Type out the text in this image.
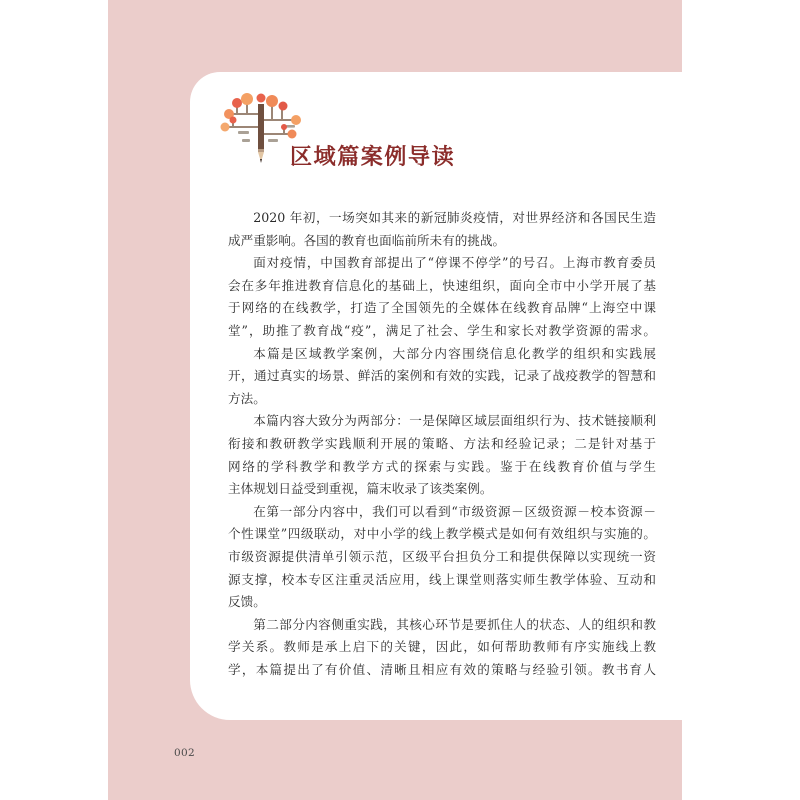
区域篇案例导读
2020 年初，一场突如其来的新冠肺炎疫情，对世界经济和各国民生造
成严重影响。各国的教育也面临前所未有的挑战。
面对疫情，中国教育部提出了“停课不停学”的号召。上海市教育委员
会在多年推进教育信息化的基础上，快速组织，面向全市中小学开展了基
于网络的在线教学，打造了全国领先的全媒体在线教育品牌“上海空中课
堂”，助推了教育战“疫”，满足了社会、学生和家长对教学资源的需求。
本篇是区域教学案例，大部分内容围绕信息化教学的组织和实践展
开，通过真实的场景、鲜活的案例和有效的实践，记录了战疫教学的智慧和
方法。
本篇内容大致分为两部分：一是保障区域层面组织行为、技术链接顺利
衔接和教研教学实践顺利开展的策略、方法和经验记录；二是针对基于
网络的学科教学和教学方式的探索与实践。鉴于在线教育价值与学生
主体规划日益受到重视，篇末收录了该类案例。
在第一部分内容中，我们可以看到“市级资源－区级资源－校本资源－
个性课堂”四级联动，对中小学的线上教学模式是如何有效组织与实施的。
市级资源提供清单引领示范，区级平台担负分工和提供保障以实现统一资
源支撑，校本专区注重灵活应用，线上课堂则落实师生教学体验、互动和
反馈。
第二部分内容侧重实践，其核心环节是要抓住人的状态、人的组织和教
学关系。教师是承上启下的关键，因此，如何帮助教师有序实施线上教
学，本篇提出了有价值、清晰且相应有效的策略与经验引领。教书育人
002
